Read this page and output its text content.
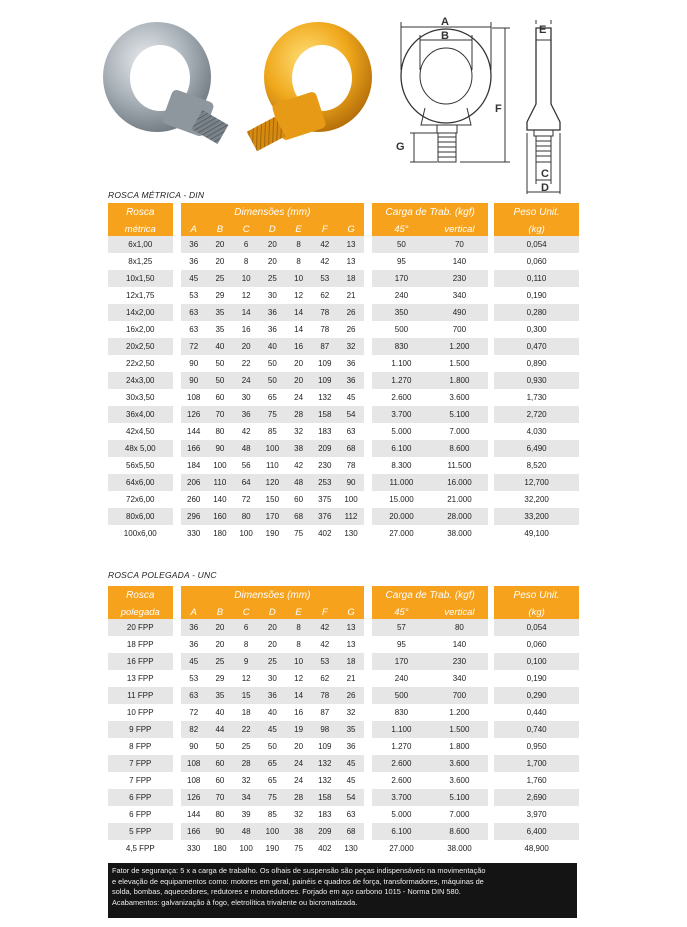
A
B
F
G
E
C
D
ROSCA MÉTRICA - DIN
Rosca		Dimensões (mm)								Carga de Trab. (kgf)			Peso Unit.
métrica		A	B	C	D	E	F	G		45°	vertical		(kg)
6x1,00		36	20	6	20	8	42	13		50	70		0,054
8x1,25		36	20	8	20	8	42	13		95	140		0,060
10x1,50		45	25	10	25	10	53	18		170	230		0,110
12x1,75		53	29	12	30	12	62	21		240	340		0,190
14x2,00		63	35	14	36	14	78	26		350	490		0,280
16x2,00		63	35	16	36	14	78	26		500	700		0,300
20x2,50		72	40	20	40	16	87	32		830	1.200		0,470
22x2,50		90	50	22	50	20	109	36		1.100	1.500		0,890
24x3,00		90	50	24	50	20	109	36		1.270	1.800		0,930
30x3,50		108	60	30	65	24	132	45		2.600	3.600		1,730
36x4,00		126	70	36	75	28	158	54		3.700	5.100		2,720
42x4,50		144	80	42	85	32	183	63		5.000	7.000		4,030
48x 5,00		166	90	48	100	38	209	68		6.100	8.600		6,490
56x5,50		184	100	56	110	42	230	78		8.300	11.500		8,520
64x6,00		206	110	64	120	48	253	90		11.000	16.000		12,700
72x6,00		260	140	72	150	60	375	100		15.000	21.000		32,200
80x6,00		296	160	80	170	68	376	112		20.000	28.000		33,200
100x6,00		330	180	100	190	75	402	130		27.000	38.000		49,100
ROSCA POLEGADA - UNC
Rosca		Dimensões (mm)								Carga de Trab. (kgf)			Peso Unit.
polegada		A	B	C	D	E	F	G		45°	vertical		(kg)
20 FPP		36	20	6	20	8	42	13		57	80		0,054
18 FPP		36	20	8	20	8	42	13		95	140		0,060
16 FPP		45	25	9	25	10	53	18		170	230		0,100
13 FPP		53	29	12	30	12	62	21		240	340		0,190
11 FPP		63	35	15	36	14	78	26		500	700		0,290
10 FPP		72	40	18	40	16	87	32		830	1.200		0,440
9 FPP		82	44	22	45	19	98	35		1.100	1.500		0,740
8 FPP		90	50	25	50	20	109	36		1.270	1.800		0,950
7 FPP		108	60	28	65	24	132	45		2.600	3.600		1,700
7 FPP		108	60	32	65	24	132	45		2.600	3.600		1,760
6 FPP		126	70	34	75	28	158	54		3.700	5.100		2,690
6 FPP		144	80	39	85	32	183	63		5.000	7.000		3,970
5 FPP		166	90	48	100	38	209	68		6.100	8.600		6,400
4,5 FPP		330	180	100	190	75	402	130		27.000	38.000		48,900
Fator de segurança: 5 x a carga de trabalho. Os olhais de suspensão são peças indispensáveis na movimentação
e elevação de equipamentos como: motores em geral, painéis e quadros de força, transformadores, máquinas de
solda, bombas, aquecedores, redutores e motoredutores. Forjado em aço carbono 1015 - Norma DIN 580.
Acabamentos: galvanização à fogo, eletrolítica trivalente ou bicromatizada.
